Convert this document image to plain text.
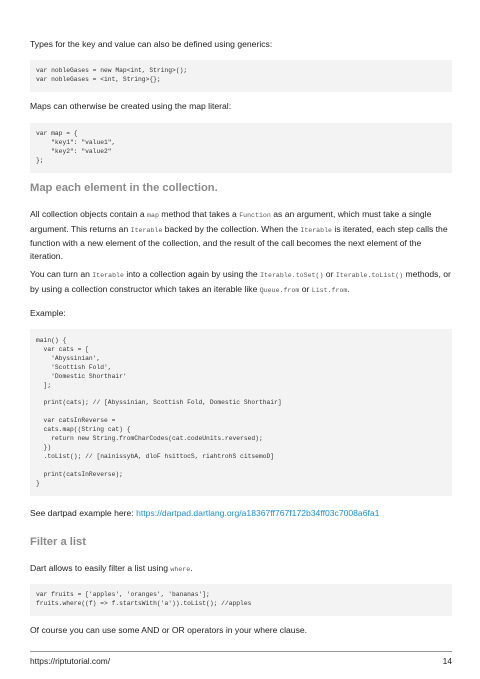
Types for the key and value can also be defined using generics:

var nobleGases = new Map<int, String>();
var nobleGases = <int, String>{};

Maps can otherwise be created using the map literal:

var map = {
"key1": "value1",
"key2": "value2"
};
Map each element in the collection.

All collection objects contain a map method that takes a Function as an argument, which must take a single argument. This returns an Iterable backed by the collection. When the Iterable is iterated, each step calls the function with a new element of the collection, and the result of the call becomes the next element of the iteration.

You can turn an Iterable into a collection again by using the Iterable.toSet() or Iterable.toList() methods, or by using a collection constructor which takes an iterable like Queue.from or List.from.

Example:

main() {
var cats = [
'Abyssinian',
'Scottish Fold',
'Domestic Shorthair'
];

print(cats); // [Abyssinian, Scottish Fold, Domestic Shorthair]

var catsInReverse =
cats.map((String cat) {
return new String.fromCharCodes(cat.codeUnits.reversed);
})
.toList(); // [nainissybA, dloF hsittocS, riahtrohS citsemoD]

print(catsInReverse);
}

See dartpad example here: https://dartpad.dartlang.org/a18367ff767f172b34ff03c7008a6fa1

Filter a list

Dart allows to easily filter a list using where.

var fruits = ['apples', 'oranges', 'bananas'];
fruits.where((f) => f.startsWith('a')).toList(); //apples

Of course you can use some AND or OR operators in your where clause.

https://riptutorial.com/	14
